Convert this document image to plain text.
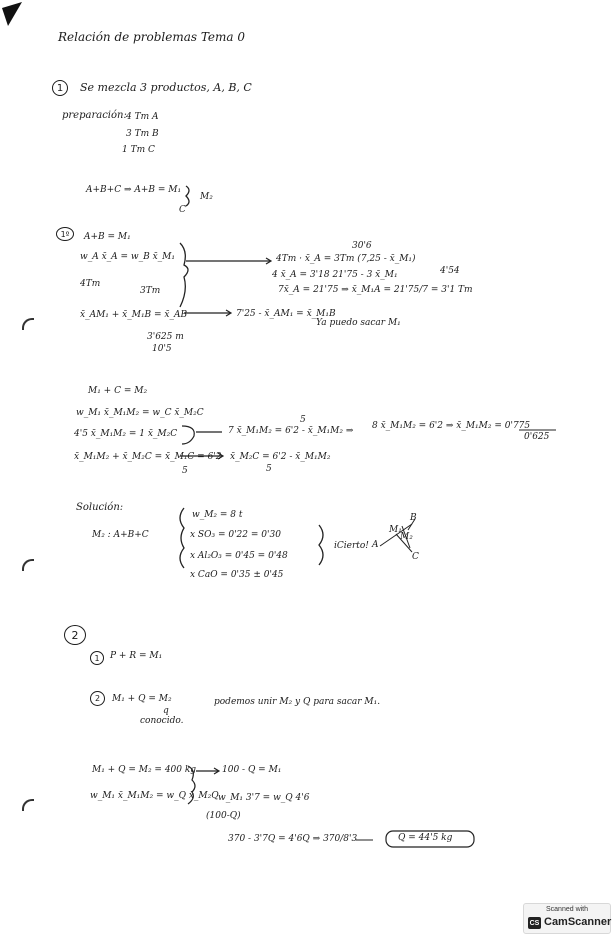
Relación de problemas Tema 0
1	Se mezcla 3 productos, A, B, C
preparación: 4 Tm A
3 Tm B
1 Tm C
A+B+C ⇒ A+B = M₁
C
M₂
1º	A+B = M₁
w_A x̄_A = w_B x̄_M₁
4Tm
3Tm
30'6
4Tm · x̄_A = 3Tm (7,25 - x̄_M₁)
4 x̄_A = 3'18 21'75 - 3 x̄_M₁	4'54
7x̄_A = 21'75 ⇒ x̄_M₁A = 21'75/7 = 3'1 Tm
x̄_AM₁ + x̄_M₁B = x̄_AB	7'25 - x̄_AM₁ = x̄_M₁B
Ya puedo sacar M₁
3'625 m
10'5
M₁ + C = M₂
w_M₁ x̄_M₁M₂ = w_C x̄_M₂C
4'5 x̄_M₁M₂ = 1 x̄_M₂C
x̄_M₁M₂ + x̄_M₂C = x̄_M₁C = 6'2
5
7 x̄_M₁M₂ = 6'2 - x̄_M₁M₂ ⇒ 8 x̄_M₁M₂ = 6'2 ⇒ x̄_M₁M₂ = 0'775
0'625
x̄_M₂C = 6'2 - x̄_M₁M₂
5	5
Solución:
M₂ : A+B+C
w_M₂ = 8 t
x SO₃ = 0'22 = 0'30
x Al₂O₃ = 0'45 = 0'48
x CaO = 0'35 ± 0'45
iCierto!
B
M₁
M₂
A
C
2
1	P + R = M₁
2	M₁ + Q = M₂
q
podemos unir M₂ y Q para sacar M₁.
conocido.
M₁ + Q = M₂ = 400 kg	100 - Q = M₁
w_M₁ x̄_M₁M₂ = w_Q x̄_M₂Q w_M₁ 3'7 = w_Q 4'6
(100-Q)
370 - 3'7Q = 4'6Q ⇒ 370/8'3	Q = 44'5 kg
Scanned with
CS CamScanner
